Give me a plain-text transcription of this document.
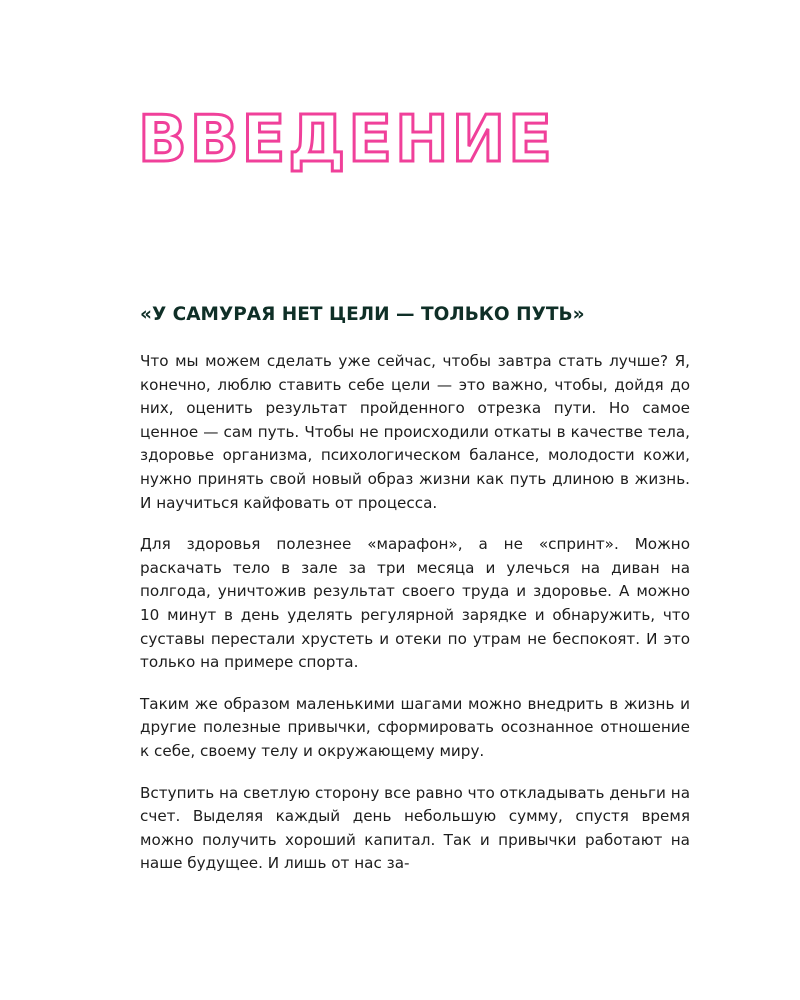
ВВЕДЕНИЕ
«У САМУРАЯ НЕТ ЦЕЛИ — ТОЛЬКО ПУТЬ»

Что мы можем сделать уже сейчас, чтобы завтра стать лучше? Я, конечно, люблю ставить себе цели — это важно, чтобы, дойдя до них, оценить результат пройденного отрезка пути. Но самое ценное — сам путь. Чтобы не происходили откаты в качестве тела, здоровье организма, психологическом балансе, молодости кожи, нужно принять свой новый образ жизни как путь длиною в жизнь. И научиться кайфовать от процесса.

Для здоровья полезнее «марафон», а не «спринт». Можно раскачать тело в зале за три месяца и улечься на диван на полгода, уничтожив результат своего труда и здоровье. А можно 10 минут в день уделять регулярной зарядке и обнаружить, что суставы перестали хрустеть и отеки по утрам не беспокоят. И это только на примере спорта.

Таким же образом маленькими шагами можно внедрить в жизнь и другие полезные привычки, сформировать осознанное отношение к себе, своему телу и окружающему миру.

Вступить на светлую сторону все равно что откладывать деньги на счет. Выделяя каждый день небольшую сумму, спустя время можно получить хороший капитал. Так и привычки работают на наше будущее. И лишь от нас за-
